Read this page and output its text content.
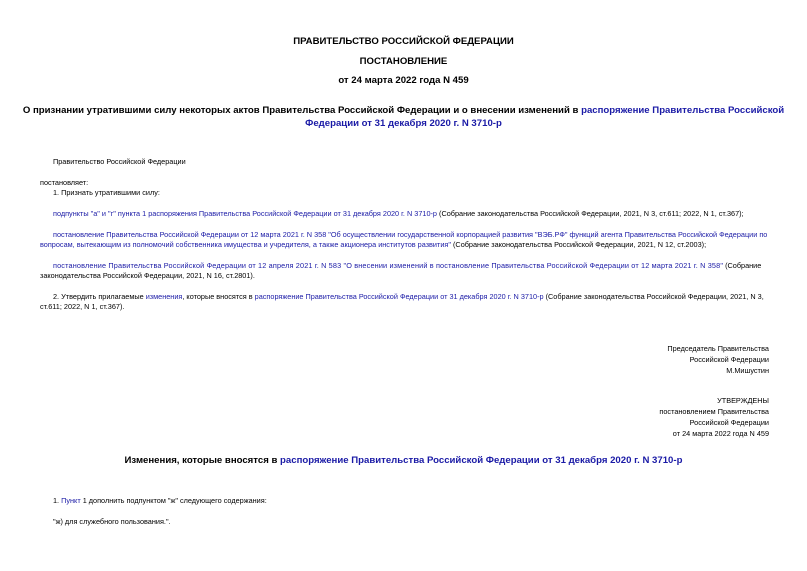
ПРАВИТЕЛЬСТВО РОССИЙСКОЙ ФЕДЕРАЦИИ
ПОСТАНОВЛЕНИЕ
от 24 марта 2022 года N 459
О признании утратившими силу некоторых актов Правительства Российской Федерации и о внесении изменений в распоряжение Правительства Российской
Федерации от 31 декабря 2020 г. N 3710-р
Правительство Российской Федерации
постановляет:
1. Признать утратившими силу:
подпункты "а" и "г" пункта 1 распоряжения Правительства Российской Федерации от 31 декабря 2020 г. N 3710-р (Собрание законодательства Российской Федерации, 2021, N 3, ст.611; 2022, N 1, ст.367);
постановление Правительства Российской Федерации от 12 марта 2021 г. N 358 "Об осуществлении государственной корпорацией развития "ВЭБ.РФ" функций агента Правительства Российской Федерации по
вопросам, вытекающим из полномочий собственника имущества и учредителя, а также акционера институтов развития" (Собрание законодательства Российской Федерации, 2021, N 12, ст.2003);
постановление Правительства Российской Федерации от 12 апреля 2021 г. N 583 "О внесении изменений в постановление Правительства Российской Федерации от 12 марта 2021 г. N 358" (Собрание
законодательства Российской Федерации, 2021, N 16, ст.2801).
2. Утвердить прилагаемые изменения, которые вносятся в распоряжение Правительства Российской Федерации от 31 декабря 2020 г. N 3710-р (Собрание законодательства Российской Федерации, 2021, N 3,
ст.611; 2022, N 1, ст.367).
Председатель Правительства
Российской Федерации
М.Мишустин
УТВЕРЖДЕНЫ
постановлением Правительства
Российской Федерации
от 24 марта 2022 года N 459
Изменения, которые вносятся в распоряжение Правительства Российской Федерации от 31 декабря 2020 г. N 3710-р
1. Пункт 1 дополнить подпунктом "ж" следующего содержания:
"ж) для служебного пользования.".
